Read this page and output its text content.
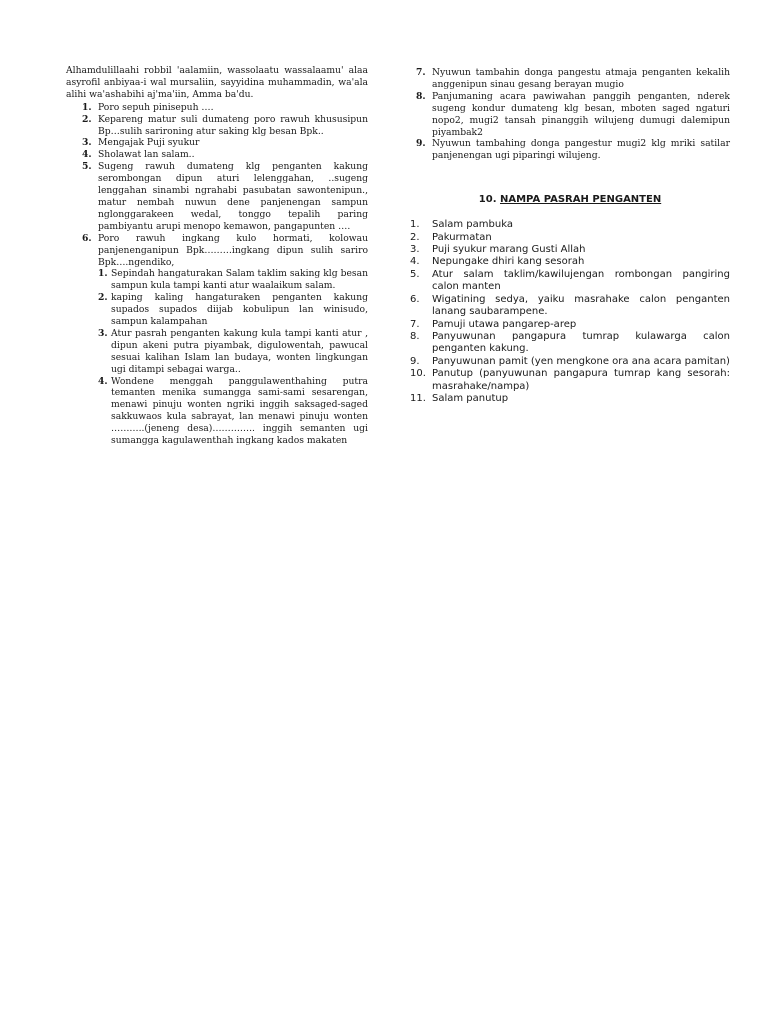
Alhamdulillaahi robbil 'aalamiin, wassolaatu wassalaamu' alaa asyrofil anbiyaa-i wal mursaliin, sayyidina muhammadin, wa'ala alihi wa'ashabihi aj'ma'iin, Amma ba'du.

1. Poro sepuh pinisepuh ….
2. Kepareng matur suli dumateng poro rawuh khususipun Bp…sulih sarironing atur saking klg besan Bpk..
3. Mengajak Puji syukur
4. Sholawat lan salam..
5. Sugeng rawuh dumateng klg penganten kakung serombongan dipun aturi lelenggahan, ..sugeng lenggahan sinambi ngrahabi pasubatan sawontenipun., matur nembah nuwun dene panjenengan sampun nglonggarakeen wedal, tonggo tepalih paring pambiyantu arupi menopo kemawon, pangapunten ….
6. Poro rawuh ingkang kulo hormati, kolowau panjenenganipun Bpk………ingkang dipun sulih sariro Bpk….ngendiko,
1. Sepindah hangaturakan Salam taklim saking klg besan sampun kula tampi kanti atur waalaikum salam.
2. kaping kaling hangaturaken penganten kakung supados supados diijab kobulipun lan winisudo, sampun kalampahan
3. Atur pasrah penganten kakung kula tampi kanti atur , dipun akeni putra piyambak, digulowentah, pawucal sesuai kalihan Islam lan budaya, wonten lingkungan ugi ditampi sebagai warga..
4. Wondene menggah panggulawenthahing putra temanten menika sumangga sami-sami sesarengan, menawi pinuju wonten ngriki inggih saksaged-saged sakkuwaos kula sabrayat, lan menawi pinuju wonten ………..(jeneng desa)………….. inggih semanten ugi sumangga kagulawenthah ingkang kados makaten
7. Nyuwun tambahin donga pangestu atmaja penganten kekalih anggenipun sinau gesang berayan mugio
8. Panjumaning acara pawiwahan panggih penganten, nderek sugeng kondur dumateng klg besan, mboten saged ngaturi nopo2, mugi2 tansah pinanggih wilujeng dumugi dalemipun piyambak2
9. Nyuwun tambahing donga pangestur mugi2 klg mriki satilar panjenengan ugi piparingi wilujeng.
10. NAMPA PASRAH PENGANTEN
1. Salam pambuka
2. Pakurmatan
3. Puji syukur marang Gusti Allah
4. Nepungake dhiri kang sesorah
5. Atur salam taklim/kawilujengan rombongan pangiring calon manten
6. Wigatining sedya, yaiku masrahake calon penganten lanang saubarampene.
7. Pamuji utawa pangarep-arep
8. Panyuwunan pangapura tumrap kulawarga calon penganten kakung.
9. Panyuwunan pamit (yen mengkone ora ana acara pamitan)
10. Panutup (panyuwunan pangapura tumrap kang sesorah: masrahake/nampa)
11. Salam panutup
